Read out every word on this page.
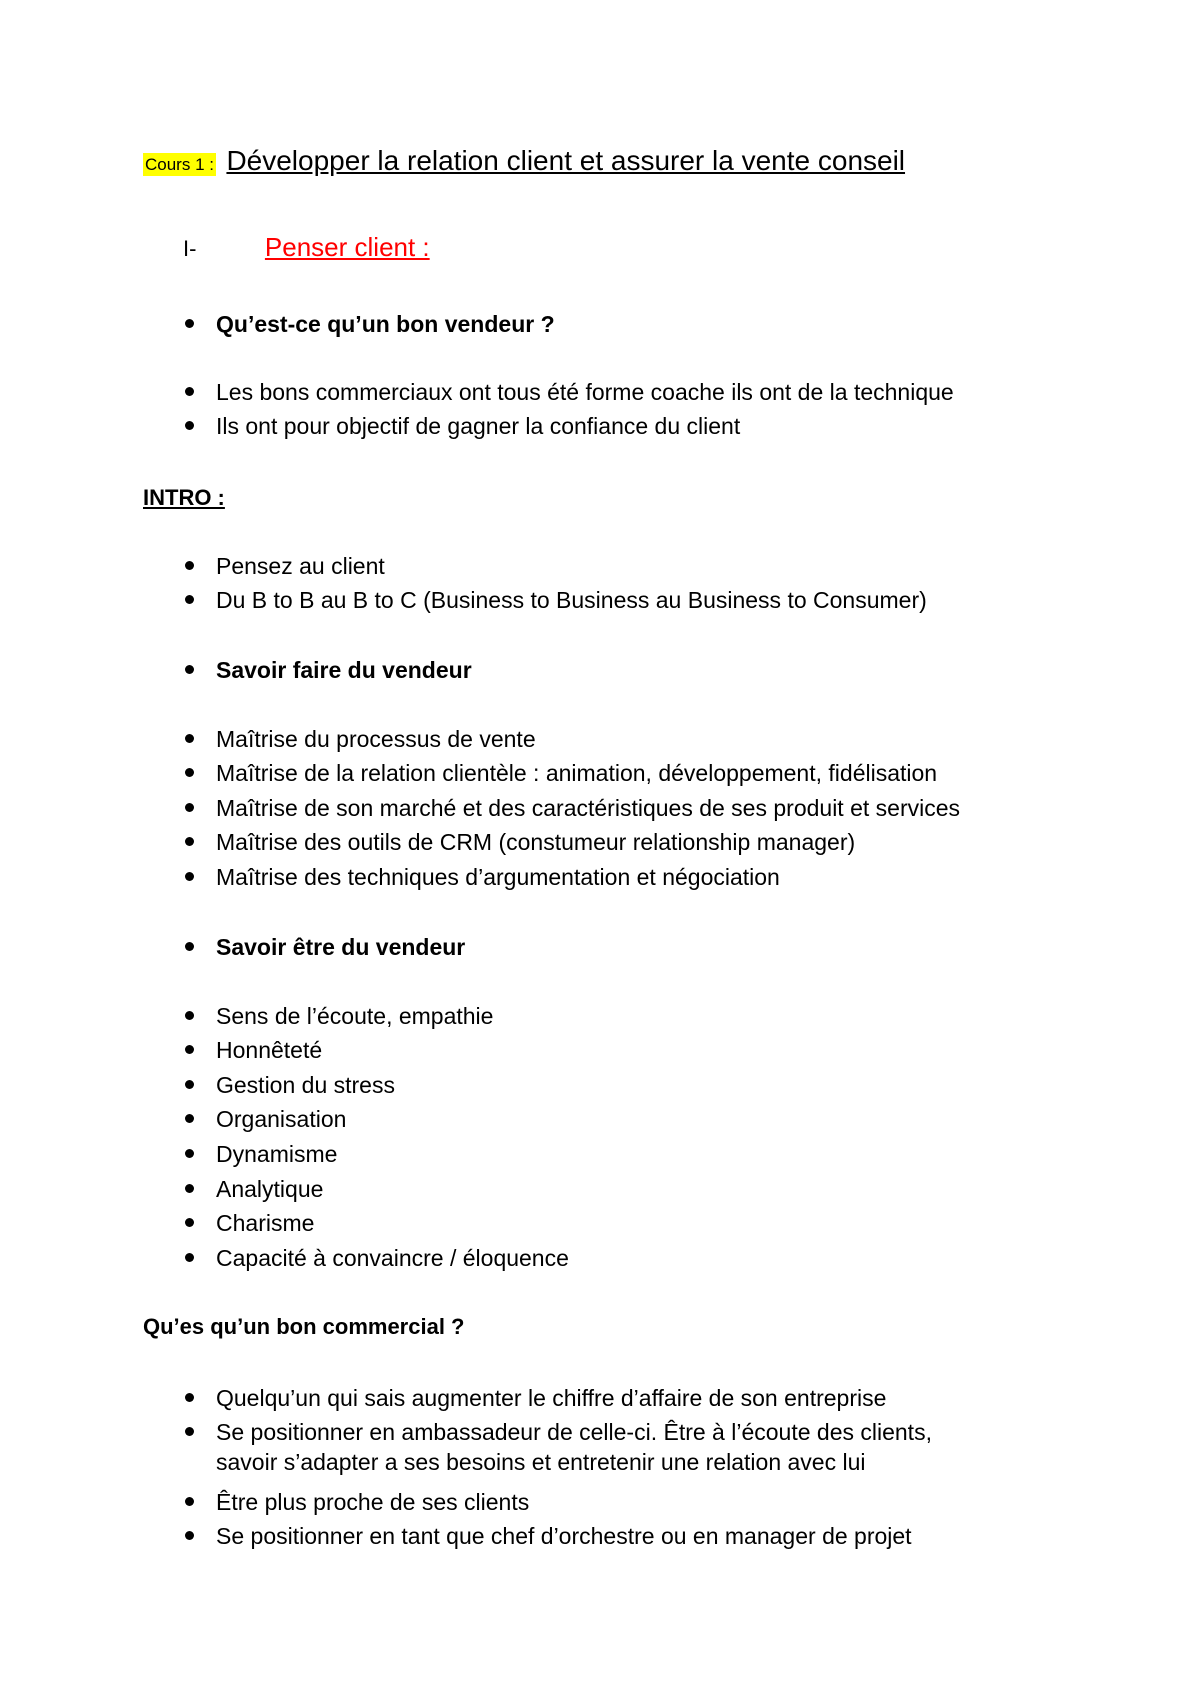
Cours 1 : Développer la relation client et assurer la vente conseil
I-	Penser client :
Qu’est-ce qu’un bon vendeur ?
Les bons commerciaux ont tous été forme coache ils ont de la technique
Ils ont pour objectif de gagner la confiance du client
INTRO :
Pensez au client
Du B to B au B to C (Business to Business au Business to Consumer)
Savoir faire du vendeur
Maîtrise du processus de vente
Maîtrise de la relation clientèle : animation, développement, fidélisation
Maîtrise de son marché et des caractéristiques de ses produit et services
Maîtrise des outils de CRM (constumeur relationship manager)
Maîtrise des techniques d’argumentation et négociation
Savoir être du vendeur
Sens de l’écoute, empathie
Honnêteté
Gestion du stress
Organisation
Dynamisme
Analytique
Charisme
Capacité à convaincre / éloquence
Qu’es qu’un bon commercial ?
Quelqu’un qui sais augmenter le chiffre d’affaire de son entreprise
Se positionner en ambassadeur de celle-ci. Être à l’écoute des clients,
savoir s’adapter a ses besoins et entretenir une relation avec lui
Être plus proche de ses clients
Se positionner en tant que chef d’orchestre ou en manager de projet
